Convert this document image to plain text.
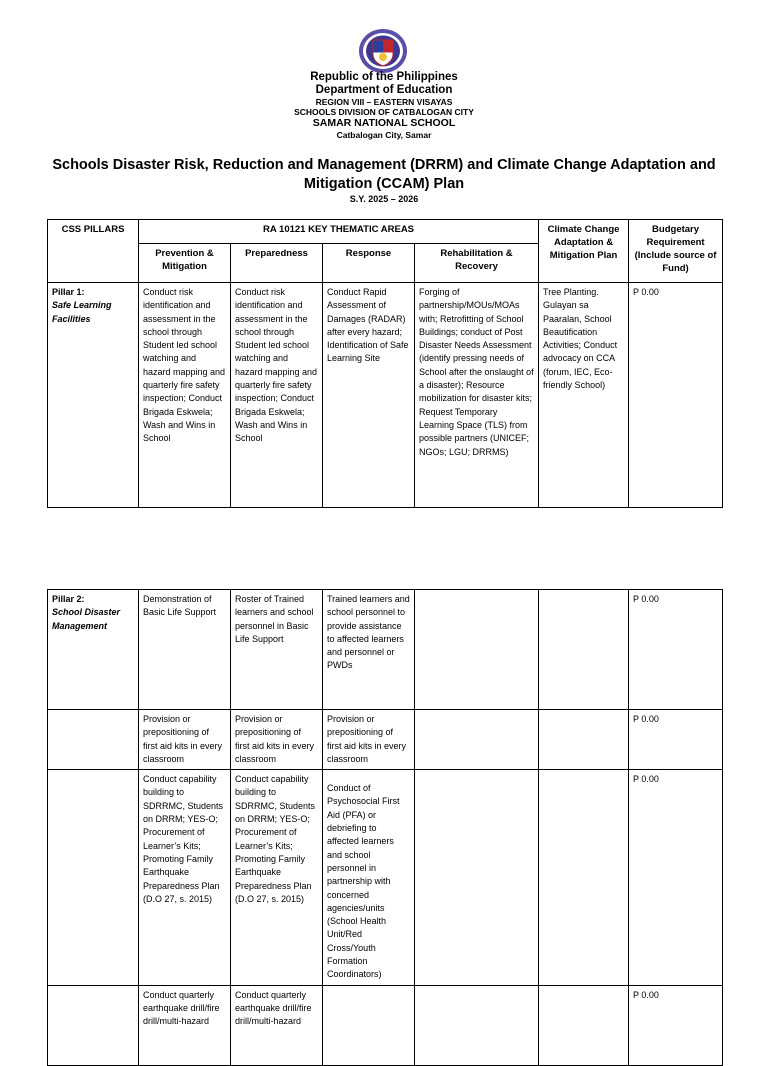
Republic of the Philippines
Department of Education
REGION VIII – EASTERN VISAYAS
SCHOOLS DIVISION OF CATBALOGAN CITY
SAMAR NATIONAL SCHOOL
Catbalogan City, Samar
Schools Disaster Risk, Reduction and Management (DRRM) and Climate Change Adaptation and
Mitigation (CCAM) Plan
S.Y. 2025 – 2026
CSS PILLARS	RA 10121 KEY THEMATIC AREAS				Climate Change Adaptation & Mitigation Plan	Budgetary Requirement (Include source of Fund)
	Prevention & Mitigation	Preparedness	Response	Rehabilitation & Recovery		
Pillar 1:
Safe Learning Facilities	Conduct risk identification and assessment in the school through Student led school watching and hazard mapping and quarterly fire safety inspection; Conduct Brigada Eskwela; Wash and Wins in School	Conduct risk identification and assessment in the school through Student led school watching and hazard mapping and quarterly fire safety inspection; Conduct Brigada Eskwela; Wash and Wins in School	Conduct Rapid Assessment of Damages (RADAR) after every hazard; Identification of Safe Learning Site	Forging of partnership/MOUs/MOAs with; Retrofitting of School Buildings; conduct of Post Disaster Needs Assessment (identify pressing needs of School after the onslaught of a disaster); Resource mobilization for disaster kits; Request Temporary Learning Space (TLS) from possible partners (UNICEF; NGOs; LGU; DRRMS)	Tree Planting. Gulayan sa Paaralan, School Beautification Activities; Conduct advocacy on CCA (forum, IEC, Eco-friendly School)	P 0.00
Pillar 2:
School Disaster Management	Demonstration of Basic Life Support	Roster of Trained learners and school personnel in Basic Life Support	Trained learners and school personnel to provide assistance to affected learners and personnel or PWDs			P 0.00
	Provision or prepositioning of first aid kits in every classroom	Provision or prepositioning of first aid kits in every classroom	Provision or prepositioning of first aid kits in every classroom			P 0.00
	Conduct capability building to SDRRMC, Students on DRRM; YES-O; Procurement of Learner’s Kits; Promoting Family Earthquake Preparedness Plan (D.O 27, s. 2015)	Conduct capability building to SDRRMC, Students on DRRM; YES-O; Procurement of Learner’s Kits; Promoting Family Earthquake Preparedness Plan (D.O 27, s. 2015)	Conduct of Psychosocial First Aid (PFA) or debriefing to affected learners and school personnel in partnership with concerned agencies/units (School Health Unit/Red Cross/Youth Formation Coordinators)			P 0.00
	Conduct quarterly earthquake drill/fire drill/multi-hazard	Conduct quarterly earthquake drill/fire drill/multi-hazard				P 0.00
